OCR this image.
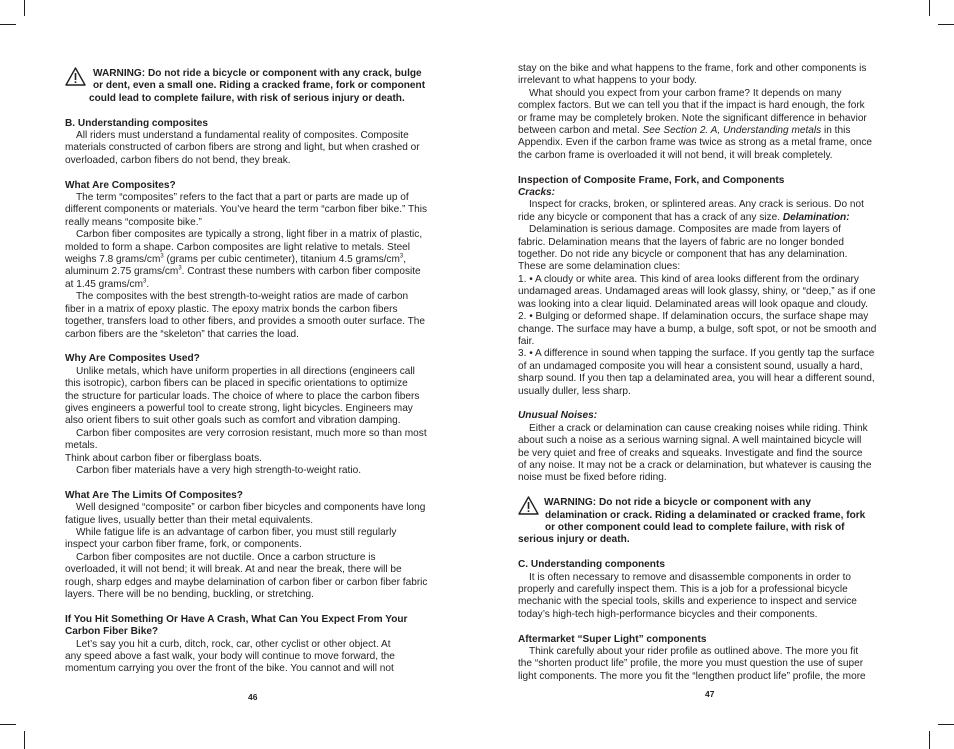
WARNING: Do not ride a bicycle or component with any crack, bulge

or dent, even a small one. Riding a cracked frame, fork or component

could lead to complete failure, with risk of serious injury or death.

B. Understanding composites

All riders must understand a fundamental reality of composites. Composite

materials constructed of carbon fibers are strong and light, but when crashed or

overloaded, carbon fibers do not bend, they break.

What Are Composites?

The term “composites” refers to the fact that a part or parts are made up of

different components or materials. You’ve heard the term “carbon fiber bike.” This

really means “composite bike.”

Carbon fiber composites are typically a strong, light fiber in a matrix of plastic,

molded to form a shape. Carbon composites are light relative to metals. Steel

weighs 7.8 grams/$cm^3$ (grams per cubic centimeter), titanium 4.5 grams/$cm^3$,

aluminum 2.75 grams/$cm^3$. Contrast these numbers with carbon fiber composite

at 1.45 grams/$cm^3$.

The composites with the best strength-to-weight ratios are made of carbon

fiber in a matrix of epoxy plastic. The epoxy matrix bonds the carbon fibers

together, transfers load to other fibers, and provides a smooth outer surface. The

carbon fibers are the “skeleton” that carries the load.

Why Are Composites Used?

Unlike metals, which have uniform properties in all directions (engineers call

this isotropic), carbon fibers can be placed in specific orientations to optimize

the structure for particular loads. The choice of where to place the carbon fibers

gives engineers a powerful tool to create strong, light bicycles. Engineers may

also orient fibers to suit other goals such as comfort and vibration damping.

Carbon fiber composites are very corrosion resistant, much more so than most

metals.

Think about carbon fiber or fiberglass boats.

Carbon fiber materials have a very high strength-to-weight ratio.

What Are The Limits Of Composites?

Well designed “composite” or carbon fiber bicycles and components have long

fatigue lives, usually better than their metal equivalents.

While fatigue life is an advantage of carbon fiber, you must still regularly

inspect your carbon fiber frame, fork, or components.

Carbon fiber composites are not ductile. Once a carbon structure is

overloaded, it will not bend; it will break. At and near the break, there will be

rough, sharp edges and maybe delamination of carbon fiber or carbon fiber fabric

layers. There will be no bending, buckling, or stretching.

If You Hit Something Or Have A Crash, What Can You Expect From Your

Carbon Fiber Bike?

Let’s say you hit a curb, ditch, rock, car, other cyclist or other object. At

any speed above a fast walk, your body will continue to move forward, the

momentum carrying you over the front of the bike. You cannot and will not

46

stay on the bike and what happens to the frame, fork and other components is

irrelevant to what happens to your body.

What should you expect from your carbon frame? It depends on many

complex factors. But we can tell you that if the impact is hard enough, the fork

or frame may be completely broken. Note the significant difference in behavior

between carbon and metal. See Section 2. A, Understanding metals in this

Appendix. Even if the carbon frame was twice as strong as a metal frame, once

the carbon frame is overloaded it will not bend, it will break completely.

Inspection of Composite Frame, Fork, and Components

Cracks:

Inspect for cracks, broken, or splintered areas. Any crack is serious. Do not

ride any bicycle or component that has a crack of any size. Delamination:

Delamination is serious damage. Composites are made from layers of

fabric. Delamination means that the layers of fabric are no longer bonded

together. Do not ride any bicycle or component that has any delamination.

These are some delamination clues:

1. • A cloudy or white area. This kind of area looks different from the ordinary

undamaged areas. Undamaged areas will look glassy, shiny, or “deep,” as if one

was looking into a clear liquid. Delaminated areas will look opaque and cloudy.

2. • Bulging or deformed shape. If delamination occurs, the surface shape may

change. The surface may have a bump, a bulge, soft spot, or not be smooth and

fair.

3. • A difference in sound when tapping the surface. If you gently tap the surface

of an undamaged composite you will hear a consistent sound, usually a hard,

sharp sound. If you then tap a delaminated area, you will hear a different sound,

usually duller, less sharp.

Unusual Noises:

Either a crack or delamination can cause creaking noises while riding. Think

about such a noise as a serious warning signal. A well maintained bicycle will

be very quiet and free of creaks and squeaks. Investigate and find the source

of any noise. It may not be a crack or delamination, but whatever is causing the

noise must be fixed before riding.

WARNING: Do not ride a bicycle or component with any

delamination or crack. Riding a delaminated or cracked frame, fork

or other component could lead to complete failure, with risk of

serious injury or death.

C. Understanding components

It is often necessary to remove and disassemble components in order to

properly and carefully inspect them. This is a job for a professional bicycle

mechanic with the special tools, skills and experience to inspect and service

today’s high-tech high-performance bicycles and their components.

Aftermarket “Super Light” components

Think carefully about your rider profile as outlined above. The more you fit

the “shorten product life” profile, the more you must question the use of super

light components. The more you fit the “lengthen product life” profile, the more

47
